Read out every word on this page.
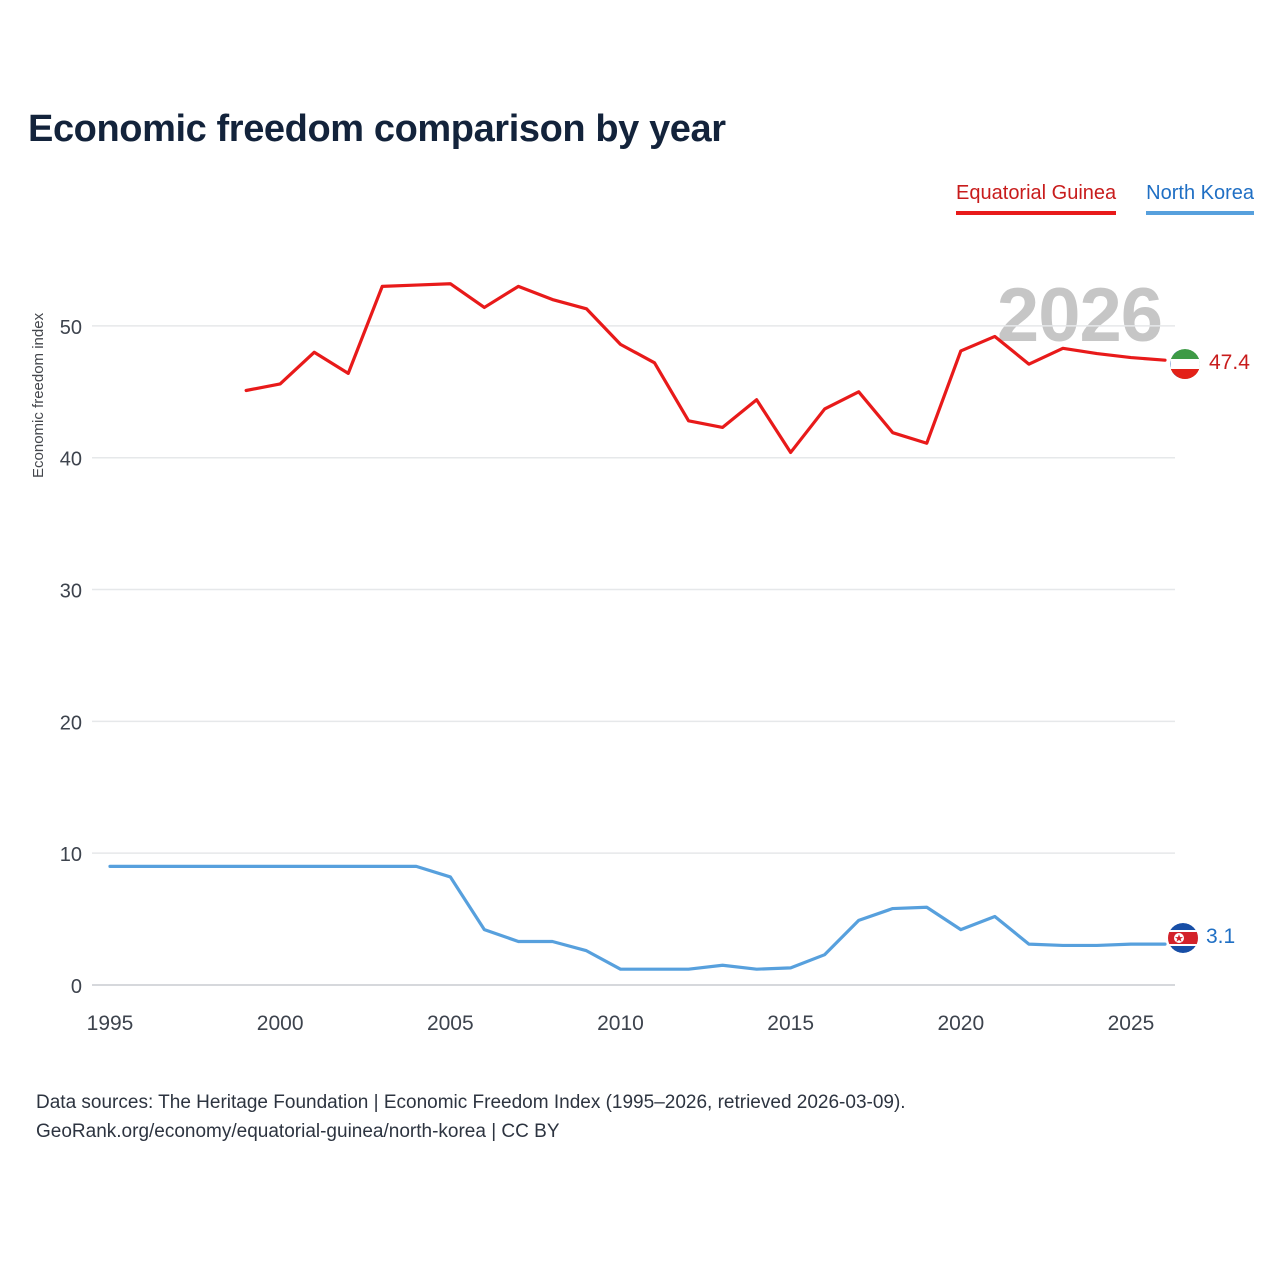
Economic freedom comparison by year
Equatorial Guinea North Korea
Economic freedom index	2026
0
10
20
30
40
50
1995	2000	2005	2010	2015	2020	2025
47.4
3.1
Data sources: The Heritage Foundation | Economic Freedom Index (1995–2026, retrieved 2026-03-09).
GeoRank.org/economy/equatorial-guinea/north-korea | CC BY
